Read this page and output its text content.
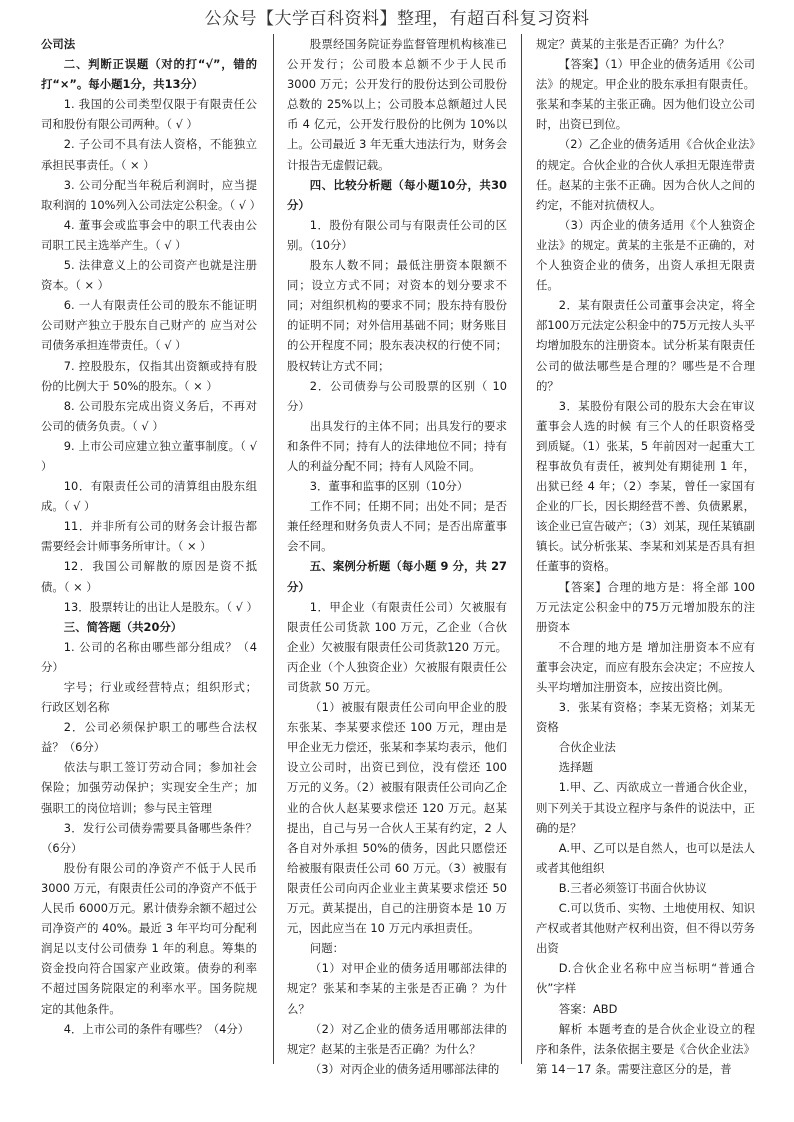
公众号【大学百科资料】整理，有超百科复习资料

公司法

二、判断正误题（对的打“√”，错的打“×”。每小题1分，共13分）

1. 我国的公司类型仅限于有限责任公司和股份有限公司两种。（ √ ）

2. 子公司不具有法人资格，不能独立承担民事责任。（ × ）

3. 公司分配当年税后利润时，应当提取利润的 10%列入公司法定公积金。（ √ ）

4. 董事会或监事会中的职工代表由公司职工民主选举产生。（ √ ）

5. 法律意义上的公司资产也就是注册资本。（ × ）

6. 一人有限责任公司的股东不能证明公司财产独立于股东自己财产的 应当对公司债务承担连带责任。（ √ ）

7. 控股股东，仅指其出资额或持有股份的比例大于 50%的股东。（ × ）

8. 公司股东完成出资义务后，不再对公司的债务负责。（ √ ）

9. 上市公司应建立独立董事制度。（ √ ）

10．有限责任公司的清算组由股东组成。（ √ ）

11．并非所有公司的财务会计报告都需要经会计师事务所审计。（ × ）

12．我国公司解散的原因是资不抵债。（ × ）

13．股票转让的出让人是股东。（ √ ）

三、简答题（共20分）

1. 公司的名称由哪些部分组成？（4分）

字号；行业或经营特点；组织形式；行政区划名称

2．公司必须保护职工的哪些合法权益？（6分）

依法与职工签订劳动合同；参加社会保险；加强劳动保护；实现安全生产；加强职工的岗位培训；参与民主管理

3．发行公司债券需要具备哪些条件？（6分）

股份有限公司的净资产不低于人民币 3000 万元，有限责任公司的净资产不低于人民币 6000万元。累计债券余额不超过公司净资产的 40%。最近 3 年平均可分配利润足以支付公司债券 1 年的利息。筹集的资金投向符合国家产业政策。债券的利率不超过国务院限定的利率水平。国务院规定的其他条件。

4．上市公司的条件有哪些？（4分）

股票经国务院证券监督管理机构核准已公开发行；公司股本总额不少于人民币 3000 万元；公开发行的股份达到公司股份总数的 25%以上；公司股本总额超过人民币 4 亿元，公开发行股份的比例为 10%以上。公司最近 3 年无重大违法行为，财务会计报告无虚假记载。

四、比较分析题（每小题10分，共30分）

1．股份有限公司与有限责任公司的区别。（10分）

股东人数不同；最低注册资本限额不同；设立方式不同；对资本的划分要求不同；对组织机构的要求不同；股东持有股份的证明不同；对外信用基础不同；财务账目的公开程度不同；股东表决权的行使不同；股权转让方式不同；

2．公司债券与公司股票的区别（ 10分）

出具发行的主体不同；出具发行的要求和条件不同；持有人的法律地位不同；持有人的利益分配不同；持有人风险不同。

3．董事和监事的区别（10分）

工作不同；任期不同；出处不同；是否兼任经理和财务负责人不同；是否出席董事会不同。

五、案例分析题（每小题 9 分，共 27 分）

1．甲企业（有限责任公司）欠被服有限责任公司货款 100 万元，乙企业（合伙企业）欠被服有限责任公司货款120 万元。丙企业（个人独资企业）欠被服有限责任公司货款 50 万元。

（1）被服有限责任公司向甲企业的股东张某、李某要求偿还 100 万元，理由是甲企业无力偿还，张某和李某均表示，他们设立公司时，出资已到位，没有偿还 100 万元的义务。（2）被服有限责任公司向乙企业的合伙人赵某要求偿还 120 万元。赵某提出，自己与另一合伙人王某有约定，2 人各自对外承担 50%的债务，因此只愿偿还给被服有限责任公司 60 万元。（3）被服有限责任公司向丙企业业主黄某要求偿还 50 万元。黄某提出，自己的注册资本是 10 万元，因此应当在 10 万元内承担责任。

问题：

（1）对甲企业的债务适用哪部法律的规定？张某和李某的主张是否正确 ？为什么？

（2）对乙企业的债务适用哪部法律的规定？赵某的主张是否正确？为什么？

（3）对丙企业的债务适用哪部法律的

规定？黄某的主张是否正确？为什么？

【答案】（1）甲企业的债务适用《公司法》的规定。甲企业的股东承担有限责任。张某和李某的主张正确。因为他们设立公司时，出资已到位。

（2）乙企业的债务适用《合伙企业法》的规定。合伙企业的合伙人承担无限连带责任。赵某的主张不正确。因为合伙人之间的约定，不能对抗债权人。

（3）丙企业的债务适用《个人独资企业法》的规定。黄某的主张是不正确的，对个人独资企业的债务，出资人承担无限责任。

2．某有限责任公司董事会决定，将全部100万元法定公积金中的75万元按人头平均增加股东的注册资本。试分析某有限责任公司的做法哪些是合理的？哪些是不合理的？

3．某股份有限公司的股东大会在审议董事会人选的时候 有三个人的任职资格受到质疑。（1）张某，5 年前因对一起重大工程事故负有责任，被判处有期徒刑 1 年，出狱已经 4 年；（2）李某，曾任一家国有企业的厂长，因长期经营不善、负债累累，该企业已宣告破产；（3）刘某，现任某镇副镇长。试分析张某、李某和刘某是否具有担任董事的资格。

【答案】合理的地方是：将全部 100 万元法定公积金中的75万元增加股东的注册资本

不合理的地方是 增加注册资本不应有董事会决定，而应有股东会决定；不应按人头平均增加注册资本，应按出资比例。

3．张某有资格；李某无资格；刘某无资格

合伙企业法

选择题

1.甲、乙、丙欲成立一普通合伙企业，则下列关于其设立程序与条件的说法中，正确的是？

A.甲、乙可以是自然人，也可以是法人或者其他组织

B.三者必须签订书面合伙协议

C.可以货币、实物、土地使用权、知识产权或者其他财产权利出资，但不得以劳务出资

D.合伙企业名称中应当标明“普通合伙”字样

答案：ABD

解析 本题考查的是合伙企业设立的程序和条件，法条依据主要是《合伙企业法》第 14－17 条。需要注意区分的是，普
